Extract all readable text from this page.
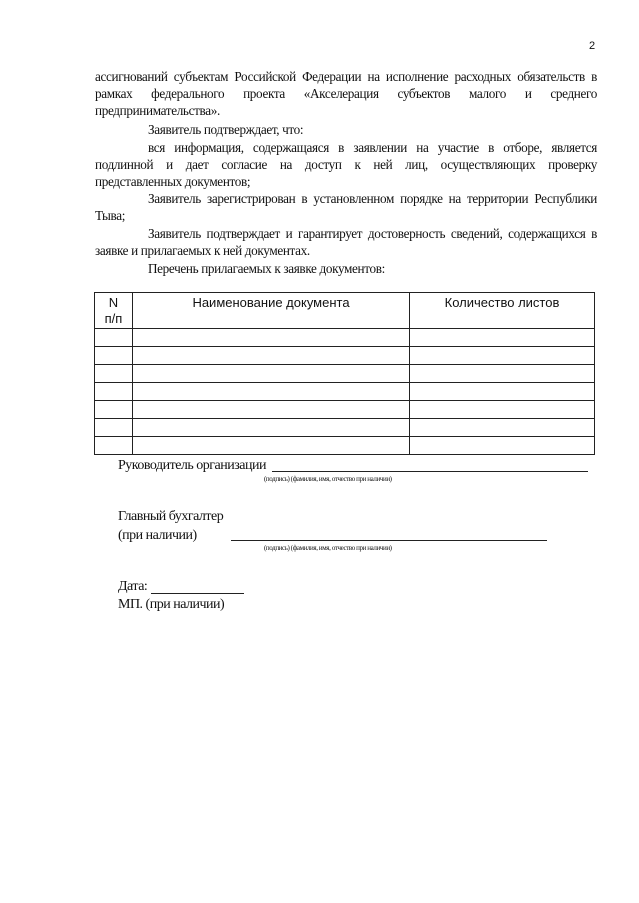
2

ассигнований субъектам Российской Федерации на исполнение расходных обязательств в

рамках федерального проекта «Акселерация субъектов малого и среднего

предпринимательства».

Заявитель подтверждает, что:

вся информация, содержащаяся в заявлении на участие в отборе, является

подлинной и дает согласие на доступ к ней лиц, осуществляющих проверку

представленных документов;

Заявитель зарегистрирован в установленном порядке на территории Республики

Тыва;

Заявитель подтверждает и гарантирует достоверность сведений, содержащихся в

заявке и прилагаемых к ней документах.

Перечень прилагаемых к заявке документов:

N
п/п	Наименование документа	Количество листов

Руководитель организации

(подпись) (фамилия, имя, отчество при наличии)

Главный бухгалтер

(при наличии)

(подпись) (фамилия, имя, отчество при наличии)

Дата:

МП. (при наличии)
